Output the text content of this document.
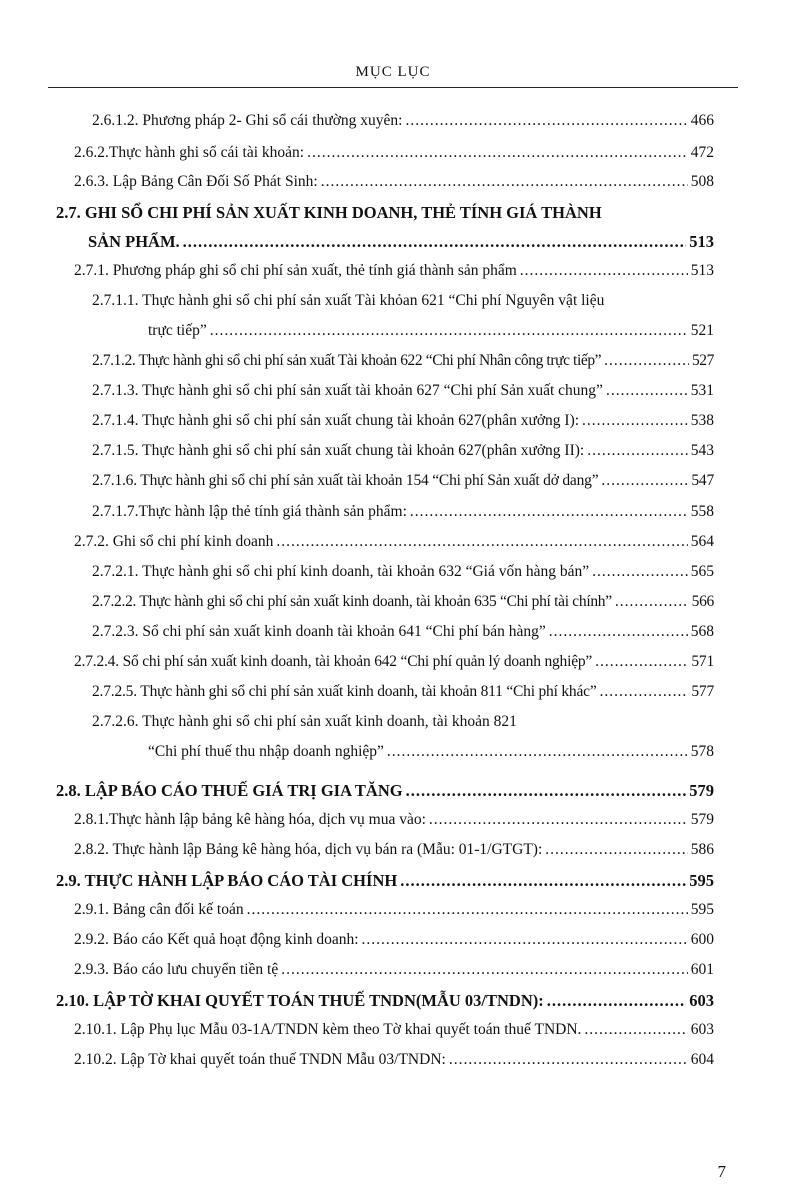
MỤC LỤC
2.6.1.2. Phương pháp 2- Ghi sổ cái thường xuyên: .....	466
2.6.2.Thực hành ghi sổ cái tài khoản: .....	472
2.6.3. Lập Bảng Cân Đối Số Phát Sinh: .....	508
2.7. GHI SỔ CHI PHÍ SẢN XUẤT KINH DOANH, THẺ TÍNH GIÁ THÀNH
SẢN PHẨM. .....	513
2.7.1. Phương pháp ghi sổ chi phí sản xuất, thẻ tính giá thành sản phẩm .....	513
2.7.1.1. Thực hành ghi sổ chi phí sản xuất Tài khỏan 621 “Chi phí Nguyên vật liệu
trực tiếp” .....	521
2.7.1.2. Thực hành ghi sổ chi phí sản xuất Tài khoản 622 “Chi phí Nhân công trực tiếp” .....	527
2.7.1.3. Thực hành ghi sổ chi phí sản xuất tài khoản 627 “Chi phí Sản xuất chung” .....	531
2.7.1.4. Thực hành ghi sổ chi phí sản xuất chung tài khoản 627(phân xưởng I): .....	538
2.7.1.5. Thực hành ghi sổ chi phí sản xuất chung tài khoản 627(phân xưởng II): .....	543
2.7.1.6. Thực hành ghi sổ chi phí sản xuất tài khoản 154 “Chi phí Sản xuất dở dang” .....	547
2.7.1.7.Thực hành lập thẻ tính giá thành sản phẩm: .....	558
2.7.2. Ghi sổ chi phí kinh doanh .....	564
2.7.2.1. Thực hành ghi sổ chi phí kinh doanh, tài khoản 632 “Giá vốn hàng bán” .....	565
2.7.2.2. Thực hành ghi sổ chi phí sản xuất kinh doanh, tài khoản 635 “Chi phí tài chính” .....	566
2.7.2.3. Sổ chi phí sản xuất kinh doanh tài khoản 641 “Chi phí bán hàng” .....	568
2.7.2.4. Sổ chi phí sản xuất kinh doanh, tài khoản 642 “Chi phí quản lý doanh nghiệp” .....	571
2.7.2.5. Thực hành ghi sổ chi phí sản xuất kinh doanh, tài khoản 811 “Chi phí khác” .....	577
2.7.2.6. Thực hành ghi sổ chi phí sản xuất kinh doanh, tài khoản 821
“Chi phí thuế thu nhập doanh nghiệp” .....	578
2.8. LẬP BÁO CÁO THUẾ GIÁ TRỊ GIA TĂNG .....	579
2.8.1.Thực hành lập bảng kê hàng hóa, dịch vụ mua vào: .....	579
2.8.2. Thực hành lập Bảng kê hàng hóa, dịch vụ bán ra (Mẫu: 01-1/GTGT): .....	586
2.9. THỰC HÀNH LẬP BÁO CÁO TÀI CHÍNH .....	595
2.9.1. Bảng cân đối kế toán .....	595
2.9.2. Báo cáo Kết quả hoạt động kinh doanh: .....	600
2.9.3. Báo cáo lưu chuyển tiền tệ .....	601
2.10. LẬP TỜ KHAI QUYẾT TOÁN THUẾ TNDN(MẪU 03/TNDN): .....	603
2.10.1. Lập Phụ lục Mẫu 03-1A/TNDN kèm theo Tờ khai quyết toán thuế TNDN. .....	603
2.10.2. Lập Tờ khai quyết toán thuế TNDN Mẫu 03/TNDN: .....	604
7
